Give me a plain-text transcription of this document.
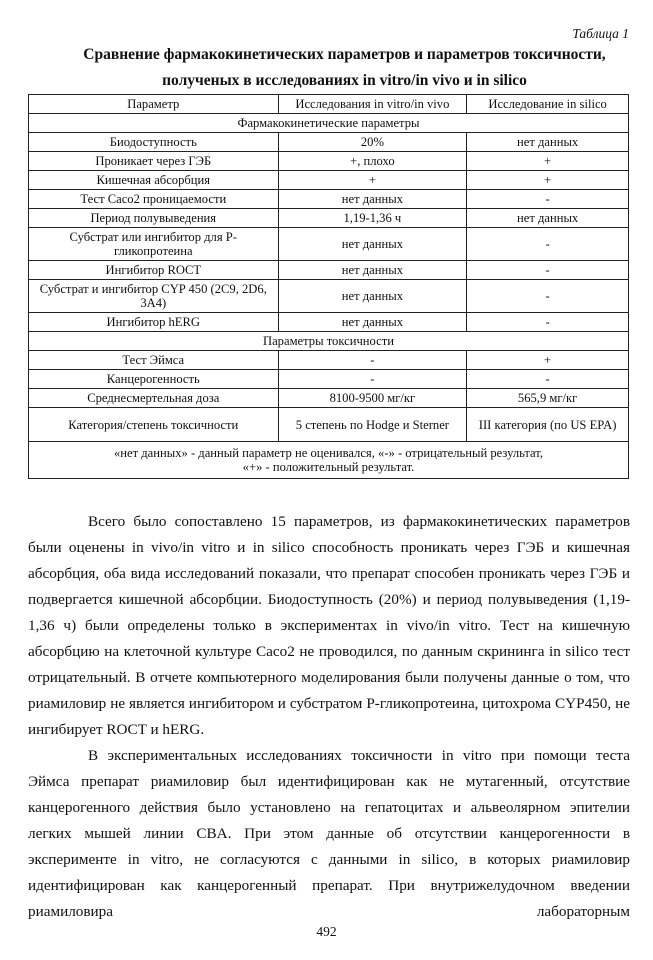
Таблица 1
Сравнение фармакокинетических параметров и параметров токсичности,
полученых в исследованиях in vitro/in vivo и in silico
Параметр	Исследования in vitro/in vivo	Исследование in silico
Фармакокинетические параметры		
Биодоступность	20%	нет данных
Проникает через ГЭБ	+, плохо	+
Кишечная абсорбция	+	+
Тест Caco2 проницаемости	нет данных	-
Период полувыведения	1,19-1,36 ч	нет данных
Субстрат или ингибитор для Р-гликопротеина	нет данных	-
Ингибитор ROCT	нет данных	-
Субстрат и ингибитор CYP 450 (2C9, 2D6, 3A4)	нет данных	-
Ингибитор hERG	нет данных	-
Параметры токсичности		
Тест Эймса	-	+
Канцерогенность	-	-
Среднесмертельная доза	8100-9500 мг/кг	565,9 мг/кг
Категория/степень токсичности	5 степень по Hodge и Sterner	III категория (по US EPA)

«нет данных» - данный параметр не оценивался, «-» - отрицательный результат,
«+» - положительный результат.		

Всего было сопоставлено 15 параметров, из фармакокинетических параметров были оценены in vivo/in vitro и in silico способность проникать через ГЭБ и кишечная абсорбция, оба вида исследований показали, что препарат способен проникать через ГЭБ и подвергается кишечной абсорбции. Биодоступность (20%) и период полувыведения (1,19-1,36 ч) были определены только в экспериментах in vivo/in vitro. Тест на кишечную абсорбцию на клеточной культуре Caco2 не проводился, по данным скрининга in silico тест отрицательный. В отчете компьютерного моделирования были получены данные о том, что риамиловир не является ингибитором и субстратом Р-гликопротеина, цитохрома CYP450, не ингибирует ROCT и hERG.

В экспериментальных исследованиях токсичности in vitro при помощи теста Эймса препарат риамиловир был идентифицирован как не мутагенный, отсутствие канцерогенного действия было установлено на гепатоцитах и альвеолярном эпителии легких мышей линии CBA. При этом данные об отсутствии канцерогенности в эксперименте in vitro, не согласуются с данными in silico, в которых риамиловир идентифицирован как канцерогенный препарат. При внутрижелудочном введении риамиловира лабораторным

492
